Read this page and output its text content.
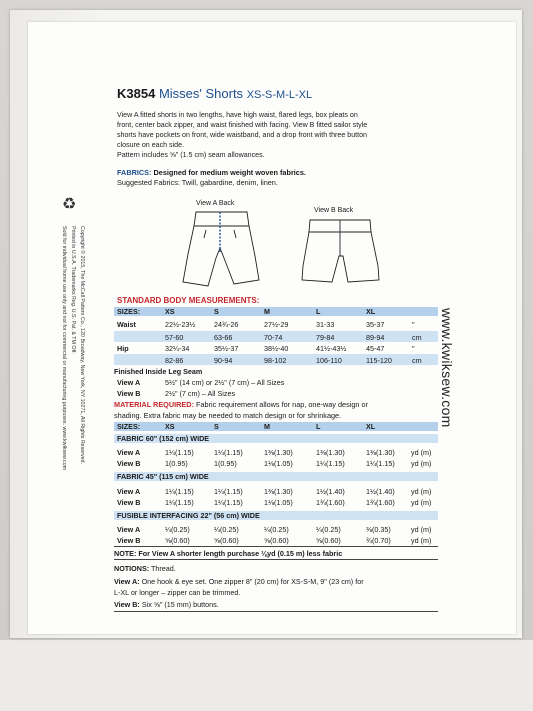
♻
Copyright © 2015, The McCall Pattern Co., 120 Broadway, New York, NY 10271, All Rights Reserved.
Printed in U.S.A. Trademarks Reg. U.S. Pat. & TM Off.
Sold for individual home use only and not for commercial or manufacturing purposes. www.kwiksew.com	www.kwiksew.com
K3854 Misses' Shorts XS-S-M-L-XL
View A fitted shorts in two lengths, have high waist, flared legs, box pleats on
front, center back zipper, and waist finished with facing. View B fitted sailor style
shorts have pockets on front, wide waistband, and a drop front with three button
closure on each side.
Pattern includes ⅝" (1.5 cm) seam allowances.
FABRICS: Designed for medium weight woven fabrics.
Suggested Fabrics: Twill, gabardine, denim, linen.
View A Back
View B Back
STANDARD BODY MEASUREMENTS:
SIZES:	XS	S	M	L	XL
Waist	22½-23½	24¾-26	27½-29	31-33	35-37	"
57-60	63-66	70-74	79-84	89-94	cm
Hip	32¼-34	35½-37	38½-40	41½-43½	45-47	"
82-86	90-94	98-102	106-110	115-120	cm
Finished Inside Leg Seam
View A	5½" (14 cm) or 2½" (7 cm) – All Sizes
View B	2½" (7 cm) – All Sizes
MATERIAL REQUIRED: Fabric requirement allows for nap, one-way design or
shading. Extra fabric may be needed to match design or for shrinkage.
SIZES:	XS	S	M	L	XL
FABRIC 60" (152 cm) WIDE
View A	1¼(1.15)	1¼(1.15)	1⅜(1.30)	1⅜(1.30)	1⅜(1.30) yd (m)
View B	1(0.95)	1(0.95)	1⅛(1.05)	1¼(1.15)	1¼(1.15) yd (m)
FABRIC 45" (115 cm) WIDE
View A	1¼(1.15)	1¼(1.15)	1⅜(1.30)	1½(1.40)	1½(1.40) yd (m)
View B	1¼(1.15)	1¼(1.15)	1⅛(1.05)	1¾(1.60)	1¾(1.60) yd (m)
FUSIBLE INTERFACING 22" (56 cm) WIDE
View A	¼(0.25)	¼(0.25)	¼(0.25)	¼(0.25)	⅜(0.35)	yd (m)
View B	⅝(0.60)	⅝(0.60)	⅝(0.60)	⅝(0.60)	¾(0.70)	yd (m)
NOTE: For View A shorter length purchase ⅛yd (0.15 m) less fabric
NOTIONS: Thread.
View A: One hook & eye set. One zipper 8" (20 cm) for XS-S-M, 9" (23 cm) for
L-XL or longer – zipper can be trimmed.
View B: Six ⅝" (15 mm) buttons.
